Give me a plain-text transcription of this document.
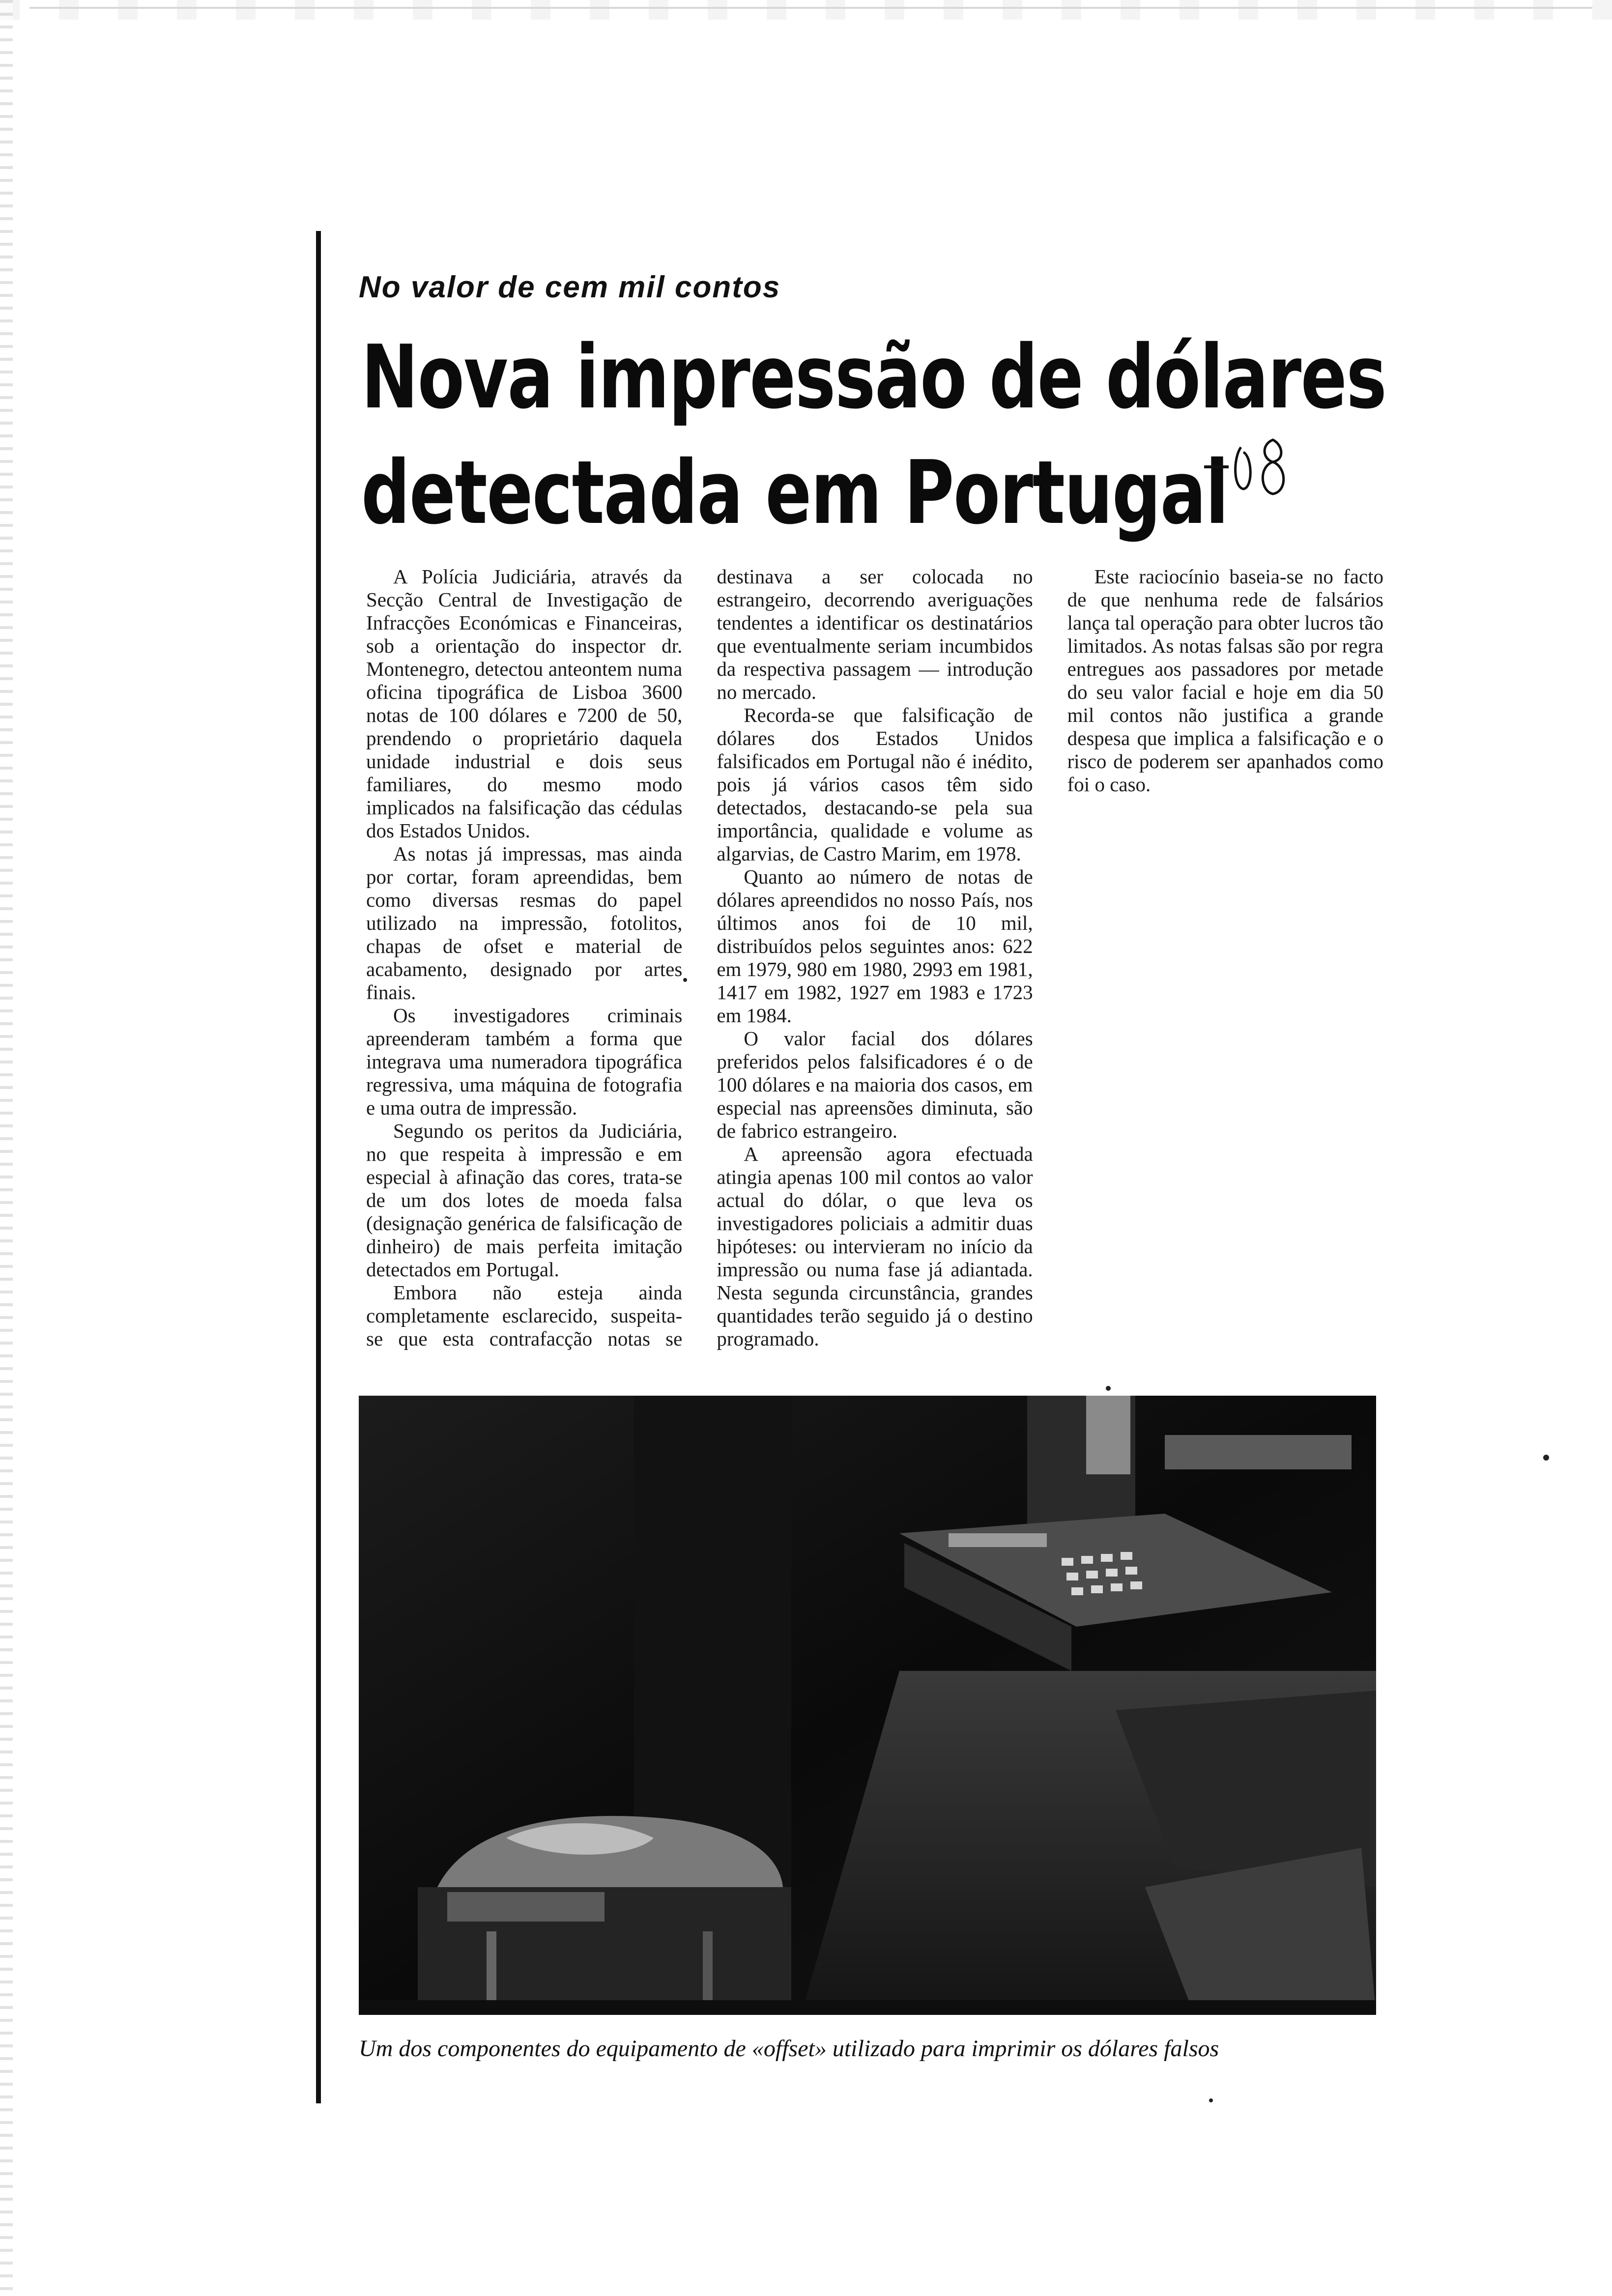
No valor de cem mil contos
Nova impressão de dólares
detectada em Portugal
08

A Polícia Judiciária, através da Secção Central de Investigação de Infracções Económicas e Financeiras, sob a orientação do inspector dr. Montenegro, detectou anteontem numa oficina tipográfica de Lisboa 3600 notas de 100 dólares e 7200 de 50, prendendo o proprietário daquela unidade industrial e dois seus familiares, do mesmo modo implicados na falsificação das cédulas dos Estados Unidos.

As notas já impressas, mas ainda por cortar, foram apreendidas, bem como diversas resmas do papel utilizado na impressão, fotolitos, chapas de ofset e material de acabamento, designado por artes finais.

Os investigadores criminais apreenderam também a forma que integrava uma numeradora tipográfica regressiva, uma máquina de fotografia e uma outra de impressão.

Segundo os peritos da Judiciária, no que respeita à impressão e em especial à afinação das cores, trata-se de um dos lotes de moeda falsa (designação genérica de falsificação de dinheiro) de mais perfeita imitação detectados em Portugal.

Embora não esteja ainda completamente esclarecido, suspeita-se que esta contrafacção notas se destinava a ser colocada no estrangeiro, decorrendo averiguações tendentes a identificar os destinatários que eventualmente seriam incumbidos da respectiva passagem — introdução no mercado.

Recorda-se que falsificação de dólares dos Estados Unidos falsificados em Portugal não é inédito, pois já vários casos têm sido detectados, destacando-se pela sua importância, qualidade e volume as algarvias, de Castro Marim, em 1978.

Quanto ao número de notas de dólares apreendidos no nosso País, nos últimos anos foi de 10 mil, distribuídos pelos seguintes anos: 622 em 1979, 980 em 1980, 2993 em 1981, 1417 em 1982, 1927 em 1983 e 1723 em 1984.

O valor facial dos dólares preferidos pelos falsificadores é o de 100 dólares e na maioria dos casos, em especial nas apreensões diminuta, são de fabrico estrangeiro.

A apreensão agora efectuada atingia apenas 100 mil contos ao valor actual do dólar, o que leva os investigadores policiais a admitir duas hipóteses: ou intervieram no início da impressão ou numa fase já adiantada. Nesta segunda circunstância, grandes quantidades terão seguido já o destino programado.

Este raciocínio baseia-se no facto de que nenhuma rede de falsários lança tal operação para obter lucros tão limitados. As notas falsas são por regra entregues aos passadores por metade do seu valor facial e hoje em dia 50 mil contos não justifica a grande despesa que implica a falsificação e o risco de poderem ser apanhados como foi o caso.

Um dos componentes do equipamento de «offset» utilizado para imprimir os dólares falsos
